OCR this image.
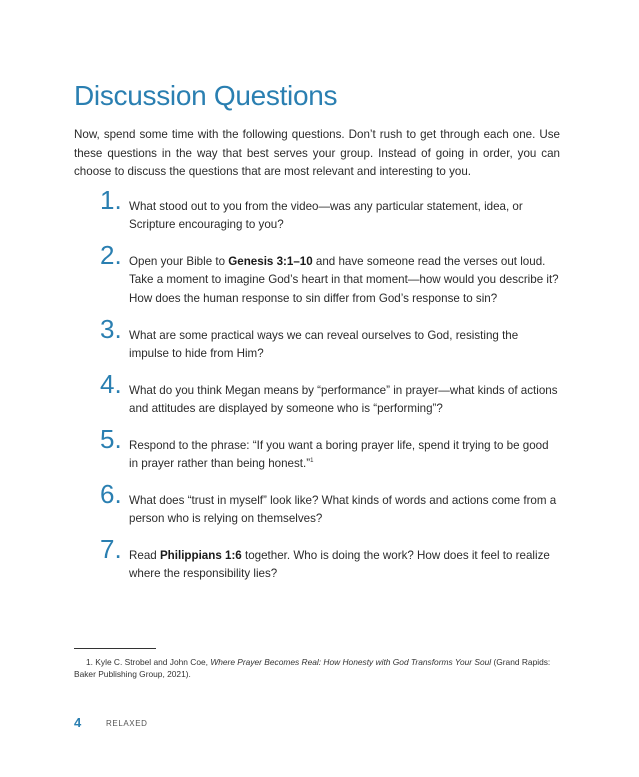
Discussion Questions

Now, spend some time with the following questions. Don’t rush to get through each one. Use these questions in the way that best serves your group. Instead of going in order, you can choose to discuss the questions that are most relevant and interesting to you.

1. What stood out to you from the video—was any particular statement, idea, or Scripture encouraging to you?

2. Open your Bible to Genesis 3:1–10 and have someone read the verses out loud. Take a moment to imagine God’s heart in that moment—how would you describe it? How does the human response to sin differ from God’s response to sin?

3. What are some practical ways we can reveal ourselves to God, resisting the impulse to hide from Him?

4. What do you think Megan means by “performance” in prayer—what kinds of actions and attitudes are displayed by someone who is “performing”?

5. Respond to the phrase: “If you want a boring prayer life, spend it trying to be good in prayer rather than being honest.”$^1$

6. What does “trust in myself” look like? What kinds of words and actions come from a person who is relying on themselves?

7. Read Philippians 1:6 together. Who is doing the work? How does it feel to realize where the responsibility lies?

1. Kyle C. Strobel and John Coe, Where Prayer Becomes Real: How Honesty with God Transforms Your Soul (Grand Rapids: Baker Publishing Group, 2021).

4	RELAXED
